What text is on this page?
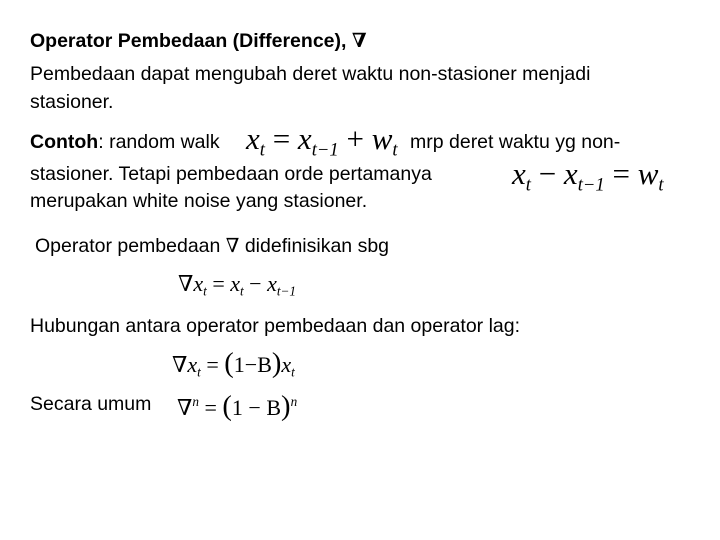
Operator Pembedaan (Difference), ∇
Pembedaan dapat mengubah deret waktu non-stasioner menjadi
stasioner.
Contoh: random walk	mrp deret waktu yg non-
stasioner. Tetapi pembedaan orde pertamanya
merupakan white noise yang stasioner.
$x_t = x_{t-1} + w_t$
$x_t - x_{t-1} = w_t$
Operator pembedaan ∇ didefinisikan sbg
$\nabla x_t = x_t - x_{t-1}$
Hubungan antara operator pembedaan dan operator lag:
$\nabla x_t = (1-B)x_t$
Secara umum $\nabla^n = (1 - B)^n$
